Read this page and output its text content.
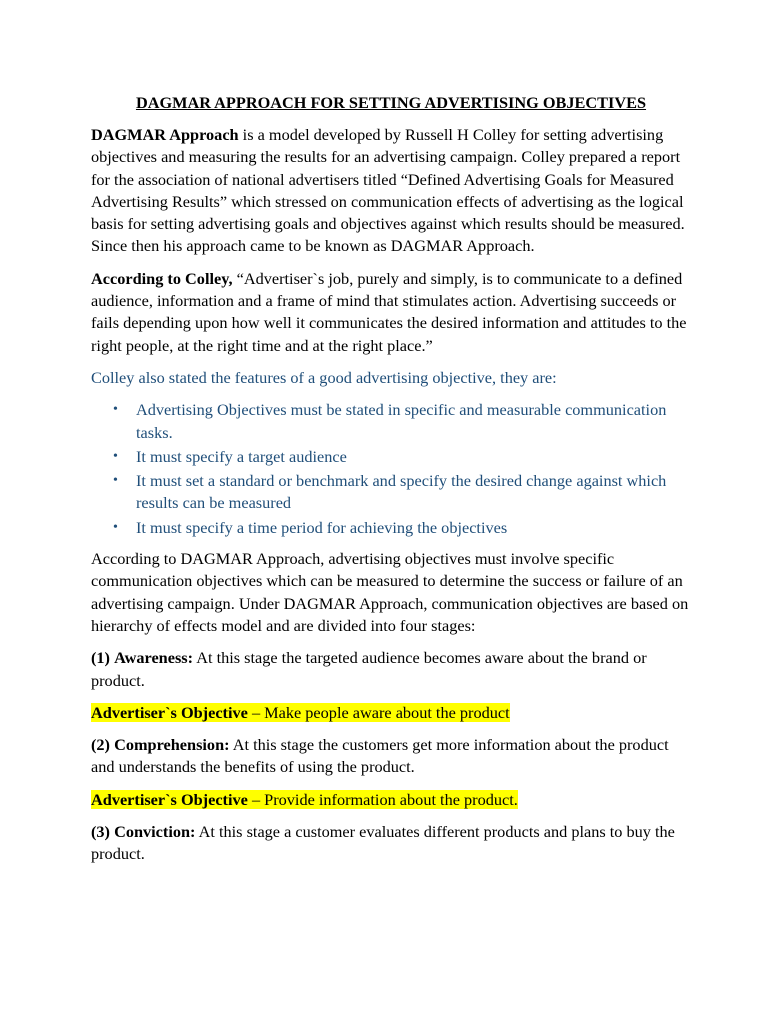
DAGMAR APPROACH FOR SETTING ADVERTISING OBJECTIVES

DAGMAR Approach is a model developed by Russell H Colley for setting advertising objectives and measuring the results for an advertising campaign. Colley prepared a report for the association of national advertisers titled “Defined Advertising Goals for Measured Advertising Results” which stressed on communication effects of advertising as the logical basis for setting advertising goals and objectives against which results should be measured. Since then his approach came to be known as DAGMAR Approach.

According to Colley, “Advertiser`s job, purely and simply, is to communicate to a defined audience, information and a frame of mind that stimulates action. Advertising succeeds or fails depending upon how well it communicates the desired information and attitudes to the right people, at the right time and at the right place.”

Colley also stated the features of a good advertising objective, they are:

• Advertising Objectives must be stated in specific and measurable communication tasks.
• It must specify a target audience
• It must set a standard or benchmark and specify the desired change against which results can be measured
• It must specify a time period for achieving the objectives

According to DAGMAR Approach, advertising objectives must involve specific communication objectives which can be measured to determine the success or failure of an advertising campaign. Under DAGMAR Approach, communication objectives are based on hierarchy of effects model and are divided into four stages:

(1) Awareness: At this stage the targeted audience becomes aware about the brand or product.

Advertiser`s Objective – Make people aware about the product

(2) Comprehension: At this stage the customers get more information about the product and understands the benefits of using the product.

Advertiser`s Objective – Provide information about the product.

(3) Conviction: At this stage a customer evaluates different products and plans to buy the product.
